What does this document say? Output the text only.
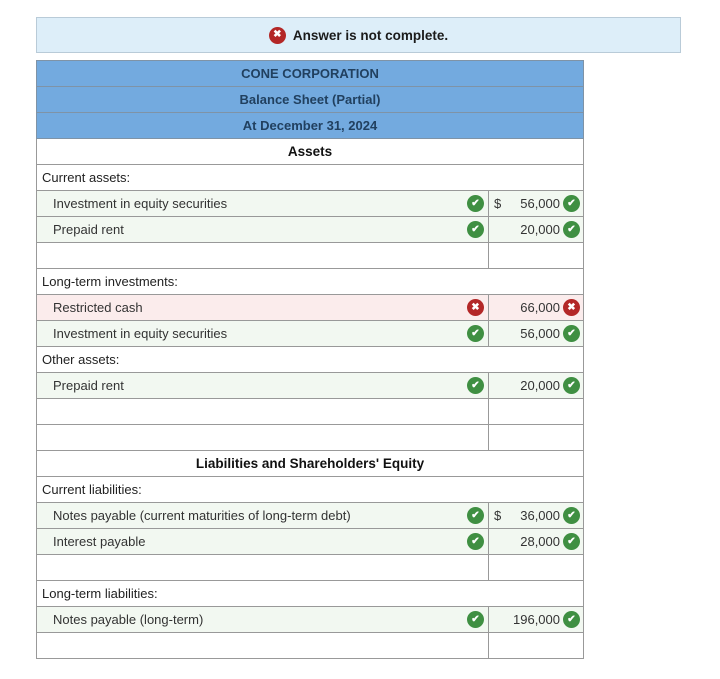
✖ Answer is not complete.
CONE CORPORATION	
Balance Sheet (Partial)	
At December 31, 2024	
Assets	
Current assets:	

Investment in equity securities ✔	$ 56,000 ✔

Prepaid rent ✔	20,000 ✔

Long-term investments:	

Restricted cash ✖	66,000 ✖

Investment in equity securities ✔	56,000 ✔

Other assets:	

Prepaid rent ✔	20,000 ✔

Liabilities and Shareholders' Equity	
Current liabilities:	

Notes payable (current maturities of long-term debt) ✔	$ 36,000 ✔

Interest payable ✔	28,000 ✔

Long-term liabilities:	

Notes payable (long-term) ✔	196,000 ✔
